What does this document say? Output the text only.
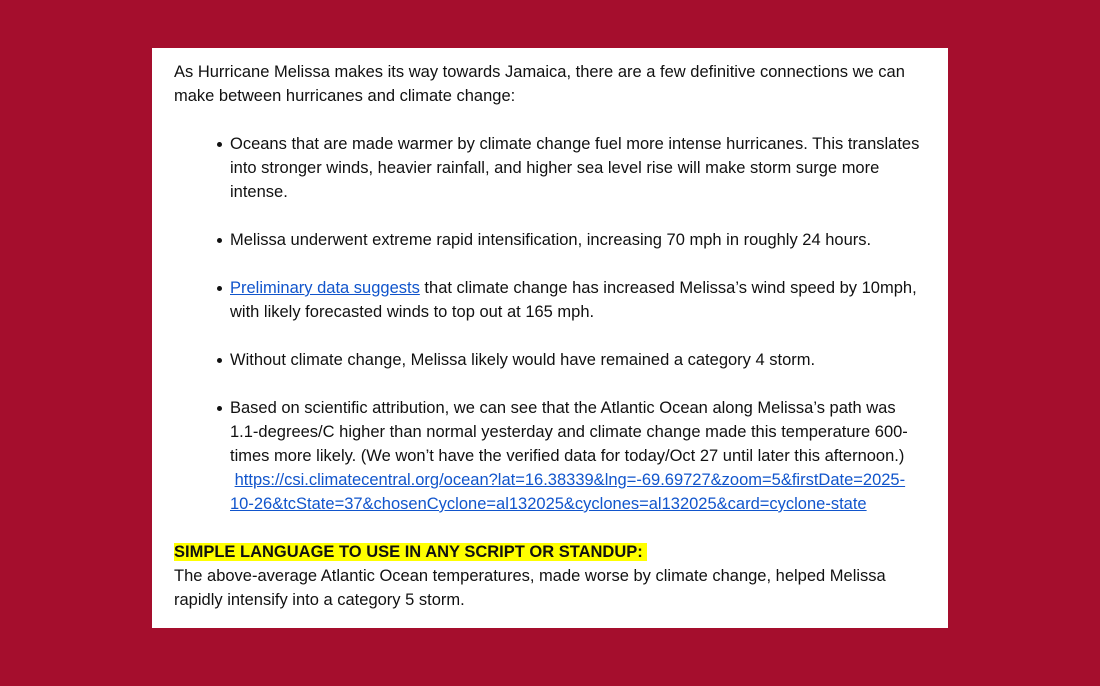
As Hurricane Melissa makes its way towards Jamaica, there are a few definitive connections we can make between hurricanes and climate change:

Oceans that are made warmer by climate change fuel more intense hurricanes. This translates into stronger winds, heavier rainfall, and higher sea level rise will make storm surge more intense.
Melissa underwent extreme rapid intensification, increasing 70 mph in roughly 24 hours.
Preliminary data suggests that climate change has increased Melissa’s wind speed by 10mph, with likely forecasted winds to top out at 165 mph.
Without climate change, Melissa likely would have remained a category 4 storm.
Based on scientific attribution, we can see that the Atlantic Ocean along Melissa’s path was 1.1-degrees/C higher than normal yesterday and climate change made this temperature 600-times more likely. (We won’t have the verified data for today/Oct 27 until later this afternoon.)
https://csi.climatecentral.org/ocean?lat=16.38339&lng=-69.69727&zoom=5&firstDate=2025-10-26&tcState=37&chosenCyclone=al132025&cyclones=al132025&card=cyclone-state

SIMPLE LANGUAGE TO USE IN ANY SCRIPT OR STANDUP:

The above-average Atlantic Ocean temperatures, made worse by climate change, helped Melissa rapidly intensify into a category 5 storm.
